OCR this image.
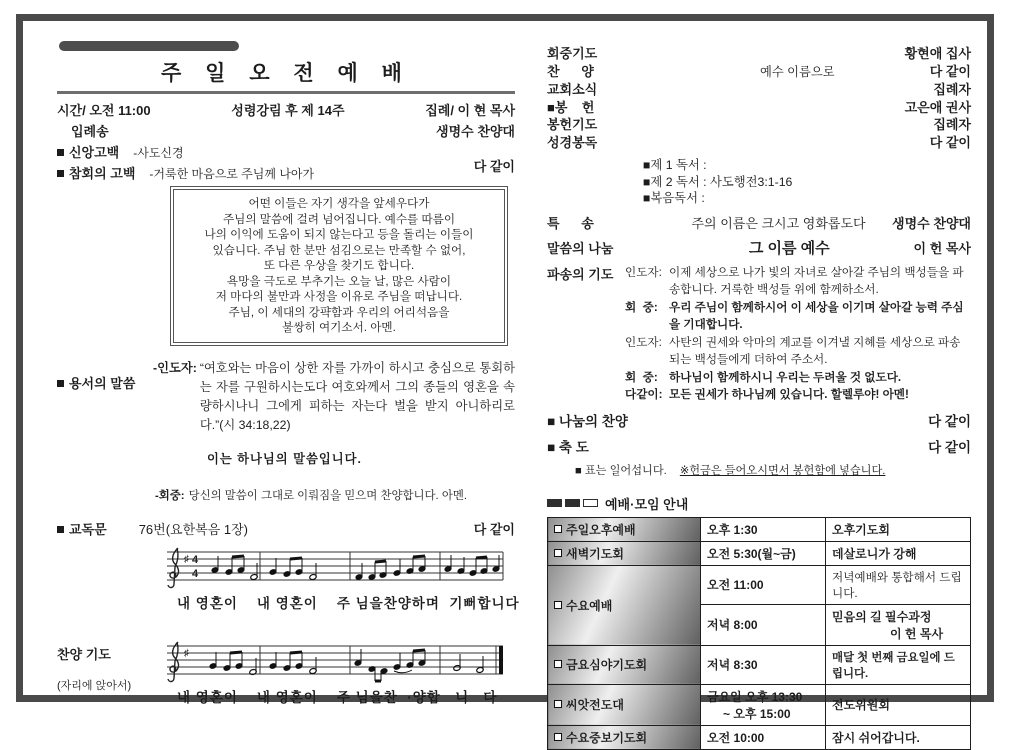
주 일 오 전 예 배
시간/ 오전 11:00	성령강림 후 제 14주	집례/ 이 현 목사
입례송	생명수 찬양대
신앙고백 -사도신경
참회의 고백 -거룩한 마음으로 주님께 나아가	다 같이
어떤 이들은 자기 생각을 앞세우다가
주님의 말씀에 걸려 넘어집니다. 예수를 따름이
나의 이익에 도움이 되지 않는다고 등을 돌리는 이들이
있습니다. 주님 한 분만 섬김으로는 만족할 수 없어,
또 다른 우상을 찾기도 합니다.
욕망을 극도로 부추기는 오늘 날, 많은 사람이
저 마다의 불만과 사정을 이유로 주님을 떠납니다.
주님, 이 세대의 강퍅함과 우리의 어리석음을
불쌍히 여기소서. 아멘.
용서의 말씀
-인도자: “여호와는 마음이 상한 자를 가까이 하시고 충심으로 통회하는 자를 구원하시는도다 여호와께서 그의 종들의 영혼을 속량하시나니 그에게 피하는 자는다 벌을 받지 아니하리로다.”(시 34:18,22)
이는 하나님의 말씀입니다.
-회중: 당신의 말씀이 그대로 이뤄짐을 믿으며 찬양합니다. 아멘.
교독문 76번(요한복음 1장)	다 같이
♯ 4
4
내 영혼이    내 영혼이    주 님을찬양하며  기뻐합니다
찬양 기도
(자리에 앉아서)
♯
내 영혼이    내 영혼이    주 님을찬  ·양합   니   다
회중기도	황현애 집사
찬      양	예수 이름으로	다 같이
교회소식	집례자
■봉    헌	고은애 권사
봉헌기도	집례자
성경봉독	다 같이
■제 1 독서 :
■제 2 독서 : 사도행전3:1-16
■복음독서 :
특      송	주의 이름은 크시고 영화롭도다	생명수 찬양대
말씀의 나눔	그 이름 예수	이 헌 목사
파송의 기도 인도자: 이제 세상으로 나가 빛의 자녀로 살아갈 주님의 백성들을 파송합니다. 거룩한 백성들 위에 함께하소서.
회  중: 우리 주님이 함께하시어 이 세상을 이기며 살아갈 능력 주심을 기대합니다.
인도자: 사탄의 권세와 악마의 계교를 이겨낼 지혜를 세상으로 파송되는 백성들에게 더하여 주소서.
회  중: 하나님이 함께하시니 우리는 두려울 것 없도다.
다같이: 모든 권세가 하나님께 있습니다. 할렐루야! 아멘!
■ 나눔의 찬양	다 같이
■ 축 도	다 같이
■ 표는 일어섭니다. ※헌금은 들어오시면서 봉헌함에 넣습니다.
예배·모임 안내
주일오후예배	오후 1:30	오후기도회
새벽기도회	오전 5:30(월~금)	데살로니가 강해
수요예배	오전 11:00	저녁예배와 통합해서 드립니다.
	저녁 8:00	믿음의 길 필수과정
이 헌 목사

금요심야기도회	저녁 8:30	매달 첫 번째 금요일에 드립니다.
씨앗전도대	금요일 오후 13:30
~ 오후 15:00	전도위원회
수요중보기도회	오전 10:00	잠시 쉬어갑니다.
